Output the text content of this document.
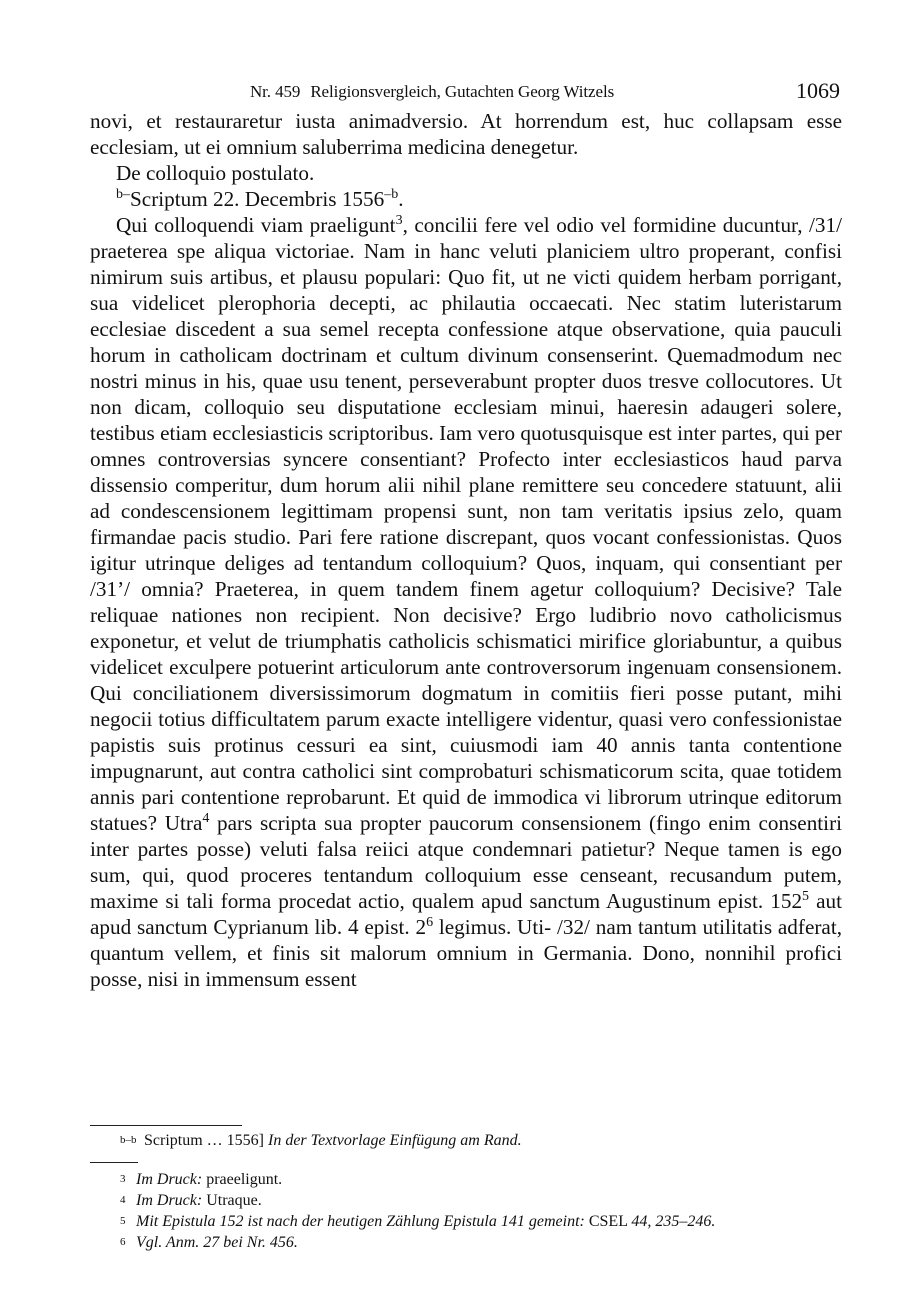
Nr. 459 Religionsvergleich, Gutachten Georg Witzels	1069

novi, et restauraretur iusta animadversio. At horrendum est, huc collapsam esse ecclesiam, ut ei omnium saluberrima medicina denegetur.

De colloquio postulato.

$^{b-}$Scriptum 22. Decembris $1556^{-b}$.

Qui colloquendi viam praeligunt$^3$, concilii fere vel odio vel formidine ducuntur, /31/ praeterea spe aliqua victoriae. Nam in hanc veluti planiciem ultro properant, confisi nimirum suis artibus, et plausu populari: Quo fit, ut ne victi quidem herbam porrigant, sua videlicet plerophoria decepti, ac philautia occaecati. Nec statim luteristarum ecclesiae discedent a sua semel recepta confessione atque observatione, quia pauculi horum in catholicam doctrinam et cultum divinum consenserint. Quemadmodum nec nostri minus in his, quae usu tenent, perseverabunt propter duos tresve collocutores. Ut non dicam, colloquio seu disputatione ecclesiam minui, haeresin adaugeri solere, testibus etiam ecclesiasticis scriptoribus. Iam vero quotusquisque est inter partes, qui per omnes controversias syncere consentiant? Profecto inter ecclesiasticos haud parva dissensio comperitur, dum horum alii nihil plane remittere seu concedere statuunt, alii ad condescensionem legittimam propensi sunt, non tam veritatis ipsius zelo, quam firmandae pacis studio. Pari fere ratione discrepant, quos vocant confessionistas. Quos igitur utrinque deliges ad tentandum colloquium? Quos, inquam, qui consentiant per /31’/ omnia? Praeterea, in quem tandem finem agetur colloquium? Decisive? Tale reliquae nationes non recipient. Non decisive? Ergo ludibrio novo catholicismus exponetur, et velut de triumphatis catholicis schismatici mirifice gloriabuntur, a quibus videlicet exculpere potuerint articulorum ante controversorum ingenuam consensionem. Qui conciliationem diversissimorum dogmatum in comitiis fieri posse putant, mihi negocii totius difficultatem parum exacte intelligere videntur, quasi vero confessionistae papistis suis protinus cessuri ea sint, cuiusmodi iam 40 annis tanta contentione impugnarunt, aut contra catholici sint comprobaturi schismaticorum scita, quae totidem annis pari contentione reprobarunt. Et quid de immodica vi librorum utrinque editorum statues? Utra$^4$ pars scripta sua propter paucorum consensionem (fingo enim consentiri inter partes posse) veluti falsa reiici atque condemnari patietur? Neque tamen is ego sum, qui, quod proceres tentandum colloquium esse censeant, recusandum putem, maxime si tali forma procedat actio, qualem apud sanctum Augustinum epist. 152$^5$ aut apud sanctum Cyprianum lib. 4 epist. 2$^6$ legimus. Uti- /32/ nam tantum utilitatis adferat, quantum vellem, et finis sit malorum omnium in Germania. Dono, nonnihil profici posse, nisi in immensum essent

b–b Scriptum … 1556] In der Textvorlage Einfügung am Rand.
3 Im Druck: praeeligunt.
4 Im Druck: Utraque.
5 Mit Epistula 152 ist nach der heutigen Zählung Epistula 141 gemeint: CSEL 44, 235–246.
6 Vgl. Anm. 27 bei Nr. 456.
